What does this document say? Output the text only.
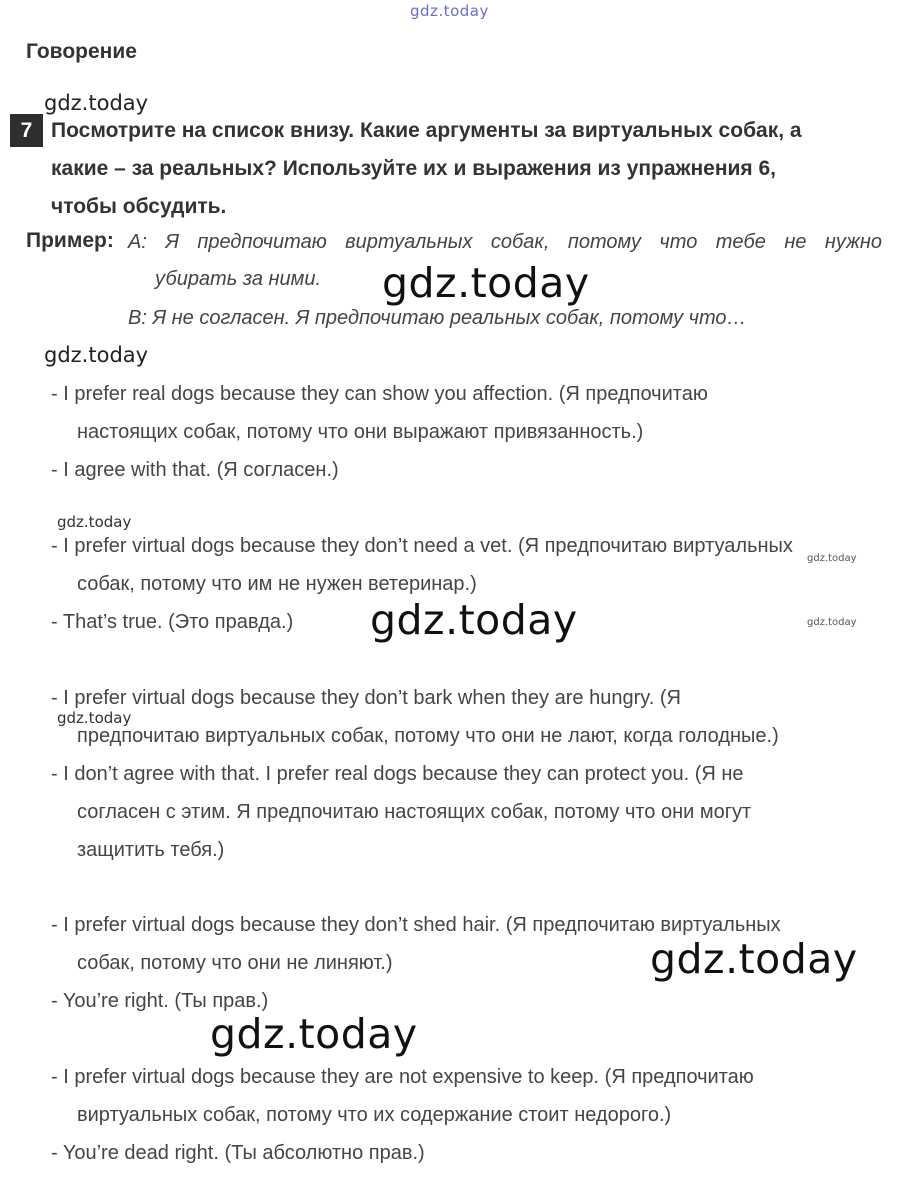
gdz.today
Говорение
gdz.today
7 Посмотрите на список внизу. Какие аргументы за виртуальных собак, а
какие – за реальных? Используйте их и выражения из упражнения 6,
чтобы обсудить.
Пример: A: Я предпочитаю виртуальных собак, потому что тебе не нужно
убирать за ними.
B: Я не согласен. Я предпочитаю реальных собак, потому что…
gdz.today
gdz.today
- I prefer real dogs because they can show you affection. (Я предпочитаю
настоящих собак, потому что они выражают привязанность.)
- I agree with that. (Я согласен.)
gdz.today
- I prefer virtual dogs because they don’t need a vet. (Я предпочитаю виртуальных
собак, потому что им не нужен ветеринар.)
gdz.today
- That’s true. (Это правда.)	gdz.today	gdz.today
- I prefer virtual dogs because they don’t bark when they are hungry. (Я
предпочитаю виртуальных собак, потому что они не лают, когда голодные.)
gdz.today
- I don’t agree with that. I prefer real dogs because they can protect you. (Я не
согласен с этим. Я предпочитаю настоящих собак, потому что они могут
защитить тебя.)
- I prefer virtual dogs because they don’t shed hair. (Я предпочитаю виртуальных
собак, потому что они не линяют.)	gdz.today
- You’re right. (Ты прав.)
gdz.today
- I prefer virtual dogs because they are not expensive to keep. (Я предпочитаю
виртуальных собак, потому что их содержание стоит недорого.)
- You’re dead right. (Ты абсолютно прав.)
